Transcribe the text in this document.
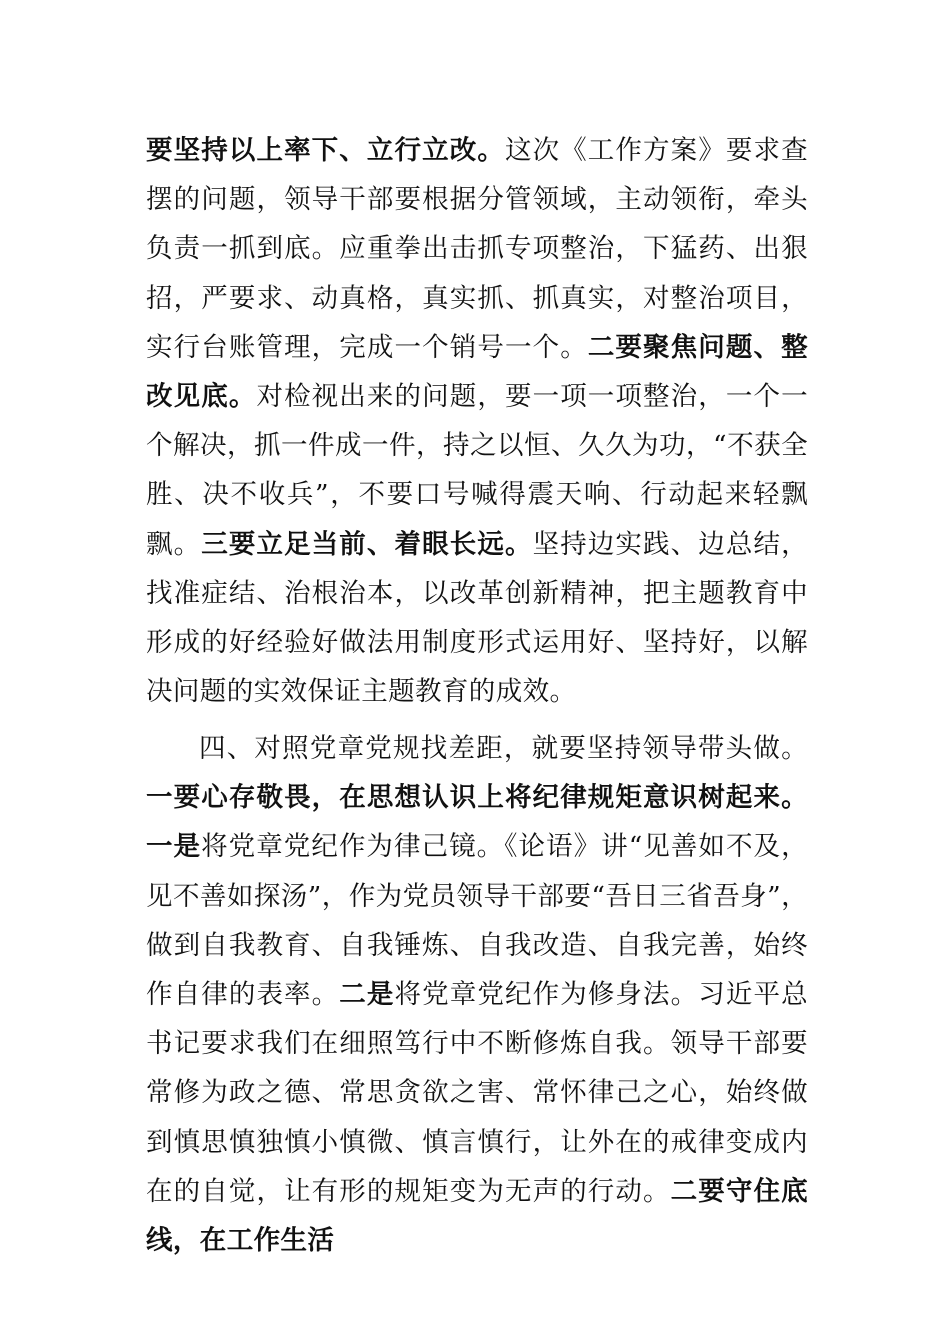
要坚持以上率下、立行立改。这次《工作方案》要求查摆的问题，领导干部要根据分管领域，主动领衔，牵头负责一抓到底。应重拳出击抓专项整治，下猛药、出狠招，严要求、动真格，真实抓、抓真实，对整治项目，实行台账管理，完成一个销号一个。二要聚焦问题、整改见底。对检视出来的问题，要一项一项整治，一个一个解决，抓一件成一件，持之以恒、久久为功，“不获全胜、决不收兵”，不要口号喊得震天响、行动起来轻飘飘。三要立足当前、着眼长远。坚持边实践、边总结，找准症结、治根治本，以改革创新精神，把主题教育中形成的好经验好做法用制度形式运用好、坚持好，以解决问题的实效保证主题教育的成效。

四、对照党章党规找差距，就要坚持领导带头做。一要心存敬畏，在思想认识上将纪律规矩意识树起来。一是将党章党纪作为律己镜。《论语》讲“见善如不及，见不善如探汤”，作为党员领导干部要“吾日三省吾身”，做到自我教育、自我锤炼、自我改造、自我完善，始终作自律的表率。二是将党章党纪作为修身法。习近平总书记要求我们在细照笃行中不断修炼自我。领导干部要常修为政之德、常思贪欲之害、常怀律己之心，始终做到慎思慎独慎小慎微、慎言慎行，让外在的戒律变成内在的自觉，让有形的规矩变为无声的行动。二要守住底线，在工作生活
